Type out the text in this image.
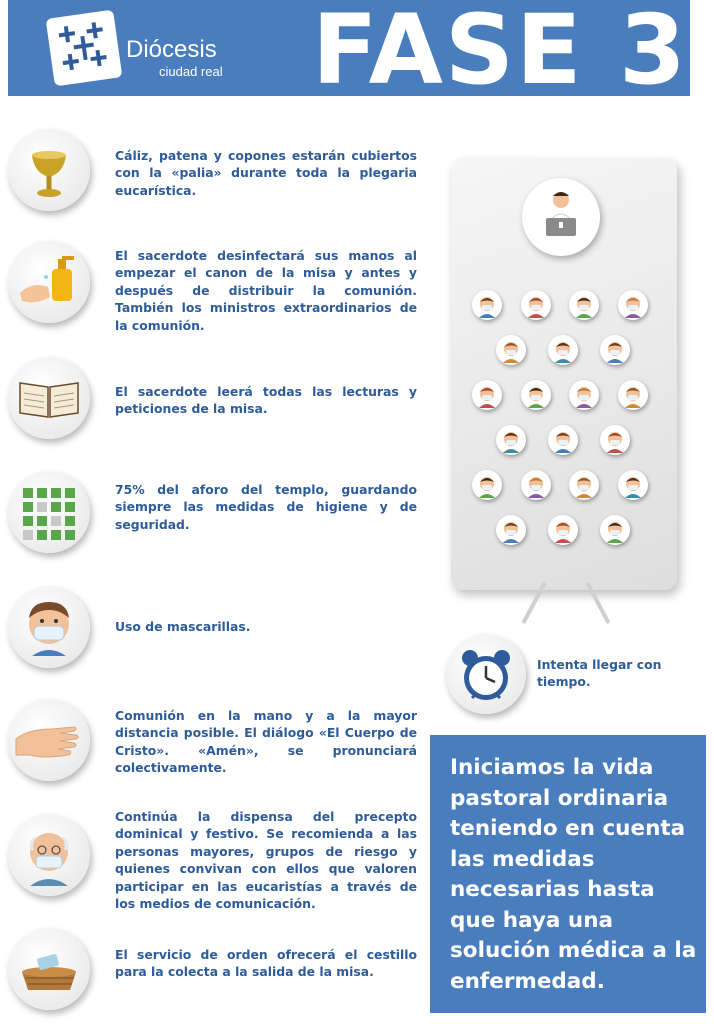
Diócesis
ciudad real FASE 3
Cáliz, patena y copones estarán cubiertos con la «palia» durante toda la plegaria eucarística.
El sacerdote desinfectará sus manos al empezar el canon de la misa y antes y después de distribuir la comunión. También los ministros extraordinarios de la comunión.
El sacerdote leerá todas las lecturas y peticiones de la misa.
75% del aforo del templo, guardando siempre las medidas de higiene y de seguridad.
Uso de mascarillas.
Comunión en la mano y a la mayor distancia posible. El diálogo «El Cuerpo de Cristo». «Amén», se pronunciará colectivamente.
Continúa la dispensa del precepto dominical y festivo. Se recomienda a las personas mayores, grupos de riesgo y quienes convivan con ellos que valoren participar en las eucaristías a través de los medios de comunicación.
El servicio de orden ofrecerá el cestillo para la colecta a la salida de la misa.
Intenta llegar con tiempo.
Iniciamos la vida pastoral ordinaria teniendo en cuenta las medidas necesarias hasta que haya una solución médica a la enfermedad.
